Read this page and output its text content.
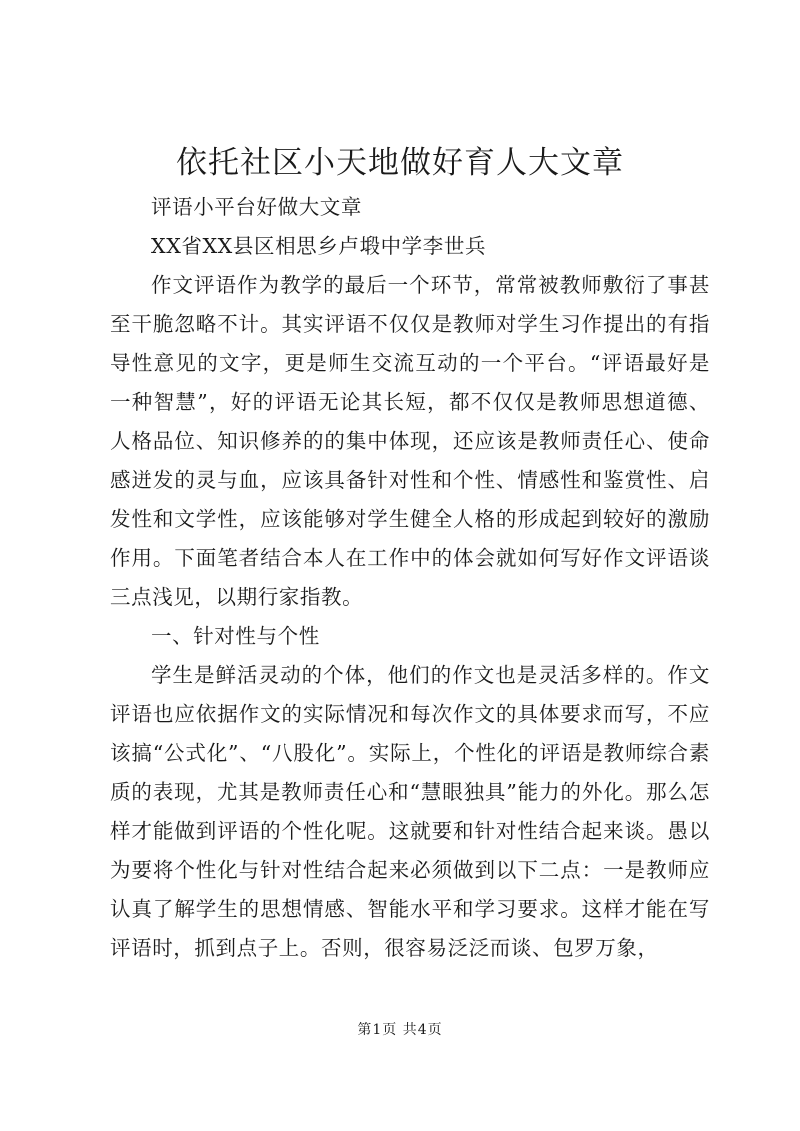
依托社区小天地做好育人大文章

评语小平台好做大文章

XX省XX县区相思乡卢塅中学李世兵

作文评语作为教学的最后一个环节，常常被教师敷衍了事甚至干脆忽略不计。其实评语不仅仅是教师对学生习作提出的有指导性意见的文字，更是师生交流互动的一个平台。“评语最好是一种智慧”，好的评语无论其长短，都不仅仅是教师思想道德、人格品位、知识修养的的集中体现，还应该是教师责任心、使命感迸发的灵与血，应该具备针对性和个性、情感性和鉴赏性、启发性和文学性，应该能够对学生健全人格的形成起到较好的激励作用。下面笔者结合本人在工作中的体会就如何写好作文评语谈三点浅见，以期行家指教。

一、针对性与个性

学生是鲜活灵动的个体，他们的作文也是灵活多样的。作文评语也应依据作文的实际情况和每次作文的具体要求而写，不应该搞“公式化”、“八股化”。实际上，个性化的评语是教师综合素质的表现，尤其是教师责任心和“慧眼独具”能力的外化。那么怎样才能做到评语的个性化呢。这就要和针对性结合起来谈。愚以为要将个性化与针对性结合起来必须做到以下二点：一是教师应认真了解学生的思想情感、智能水平和学习要求。这样才能在写评语时，抓到点子上。否则，很容易泛泛而谈、包罗万象，

第1页 共4页
